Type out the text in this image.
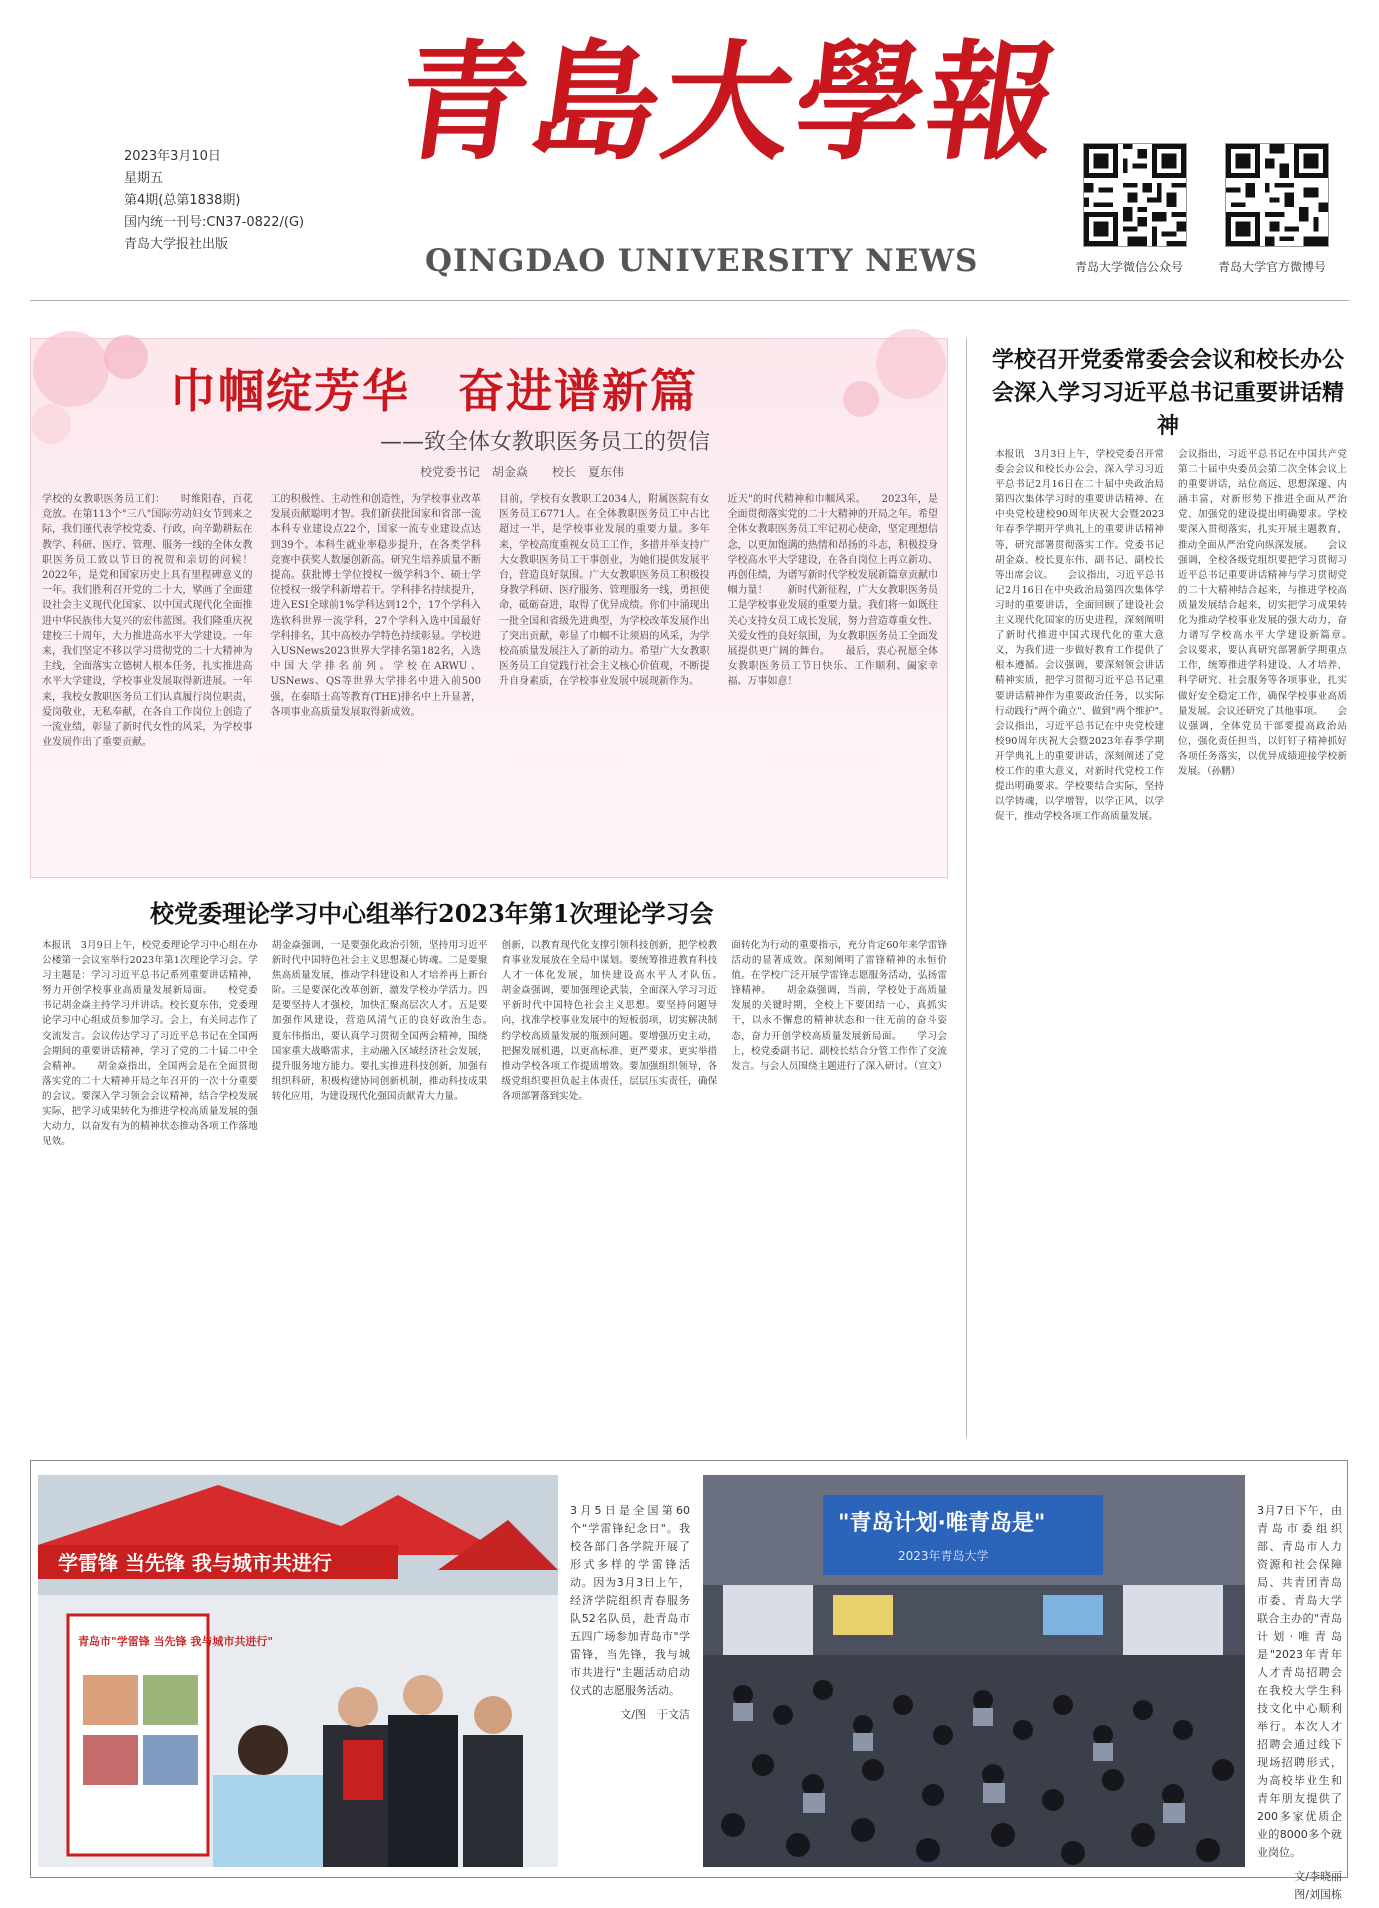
2023年3月10日
星期五
第4期(总第1838期)
国内统一刊号:CN37-0822/(G)
青岛大学报社出版
青島大學報
QINGDAO UNIVERSITY NEWS	青岛大学微信公众号	青岛大学官方微博号
巾帼绽芳华　奋进谱新篇
——致全体女教职医务员工的贺信
校党委书记　胡金焱　　校长　夏东伟
学校的女教职医务员工们：　　时维阳春，百花竞放。在第113个"三八"国际劳动妇女节到来之际，我们谨代表学校党委、行政，向辛勤耕耘在教学、科研、医疗、管理、服务一线的全体女教职医务员工致以节日的祝贺和亲切的问候！　　2022年，是党和国家历史上具有里程碑意义的一年。我们胜利召开党的二十大，擘画了全面建设社会主义现代化国家、以中国式现代化全面推进中华民族伟大复兴的宏伟蓝图。我们隆重庆祝建校三十周年，大力推进高水平大学建设。一年来，我们坚定不移以学习贯彻党的二十大精神为主线，全面落实立德树人根本任务，扎实推进高水平大学建设，学校事业发展取得新进展。一年来，我校女教职医务员工们认真履行岗位职责，爱岗敬业，无私奉献，在各自工作岗位上创造了一流业绩，彰显了新时代女性的风采，为学校事业发展作出了重要贡献。
工的积极性、主动性和创造性，为学校事业改革发展贡献聪明才智。我们新获批国家和省部一流本科专业建设点22个，国家一流专业建设点达到39个。本科生就业率稳步提升，在各类学科竞赛中获奖人数屡创新高。研究生培养质量不断提高。获批博士学位授权一级学科3个、硕士学位授权一级学科新增若干。学科排名持续提升，进入ESI全球前1%学科达到12个，17个学科入选软科世界一流学科，27个学科入选中国最好学科排名，其中高校办学特色持续彰显。学校进入USNews2023世界大学排名第182名，入选中国大学排名前列。学校在ARWU、USNews、QS等世界大学排名中进入前500强，在泰晤士高等教育(THE)排名中上升显著，各项事业高质量发展取得新成效。
目前，学校有女教职工2034人，附属医院有女医务员工6771人。在全体教职医务员工中占比超过一半，是学校事业发展的重要力量。多年来，学校高度重视女员工工作，多措并举支持广大女教职医务员工干事创业，为她们提供发展平台，营造良好氛围。广大女教职医务员工积极投身教学科研、医疗服务、管理服务一线，勇担使命，砥砺奋进，取得了优异成绩。你们中涌现出一批全国和省级先进典型，为学校改革发展作出了突出贡献，彰显了巾帼不让须眉的风采，为学校高质量发展注入了新的动力。希望广大女教职医务员工自觉践行社会主义核心价值观，不断提升自身素质，在学校事业发展中展现新作为。
近天"的时代精神和巾帼风采。　　2023年，是全面贯彻落实党的二十大精神的开局之年。希望全体女教职医务员工牢记初心使命，坚定理想信念，以更加饱满的热情和昂扬的斗志，积极投身学校高水平大学建设，在各自岗位上再立新功、再创佳绩，为谱写新时代学校发展新篇章贡献巾帼力量！　　新时代新征程，广大女教职医务员工是学校事业发展的重要力量。我们将一如既往关心支持女员工成长发展，努力营造尊重女性、关爱女性的良好氛围，为女教职医务员工全面发展提供更广阔的舞台。　　最后，衷心祝愿全体女教职医务员工节日快乐、工作顺利、阖家幸福、万事如意！
学校召开党委常委会会议和校长办公会深入学习习近平总书记重要讲话精神
本报讯　3月3日上午，学校党委召开常委会会议和校长办公会，深入学习习近平总书记2月16日在二十届中央政治局第四次集体学习时的重要讲话精神、在中央党校建校90周年庆祝大会暨2023年春季学期开学典礼上的重要讲话精神等，研究部署贯彻落实工作。党委书记胡金焱、校长夏东伟、副书记、副校长等出席会议。　　会议指出，习近平总书记2月16日在中央政治局第四次集体学习时的重要讲话，全面回顾了建设社会主义现代化国家的历史进程，深刻阐明了新时代推进中国式现代化的重大意义，为我们进一步做好教育工作提供了根本遵循。会议强调，要深刻领会讲话精神实质，把学习贯彻习近平总书记重要讲话精神作为重要政治任务，以实际行动践行"两个确立"、做到"两个维护"。　　会议指出，习近平总书记在中央党校建校90周年庆祝大会暨2023年春季学期开学典礼上的重要讲话，深刻阐述了党校工作的重大意义，对新时代党校工作提出明确要求。学校要结合实际，坚持以学铸魂，以学增智，以学正风，以学促干，推动学校各项工作高质量发展。
会议指出，习近平总书记在中国共产党第二十届中央委员会第二次全体会议上的重要讲话，站位高远、思想深邃、内涵丰富，对新形势下推进全面从严治党、加强党的建设提出明确要求。学校要深入贯彻落实，扎实开展主题教育，推动全面从严治党向纵深发展。　　会议强调，全校各级党组织要把学习贯彻习近平总书记重要讲话精神与学习贯彻党的二十大精神结合起来，与推进学校高质量发展结合起来，切实把学习成果转化为推动学校事业发展的强大动力，奋力谱写学校高水平大学建设新篇章。　　会议要求，要认真研究部署新学期重点工作，统筹推进学科建设、人才培养、科学研究、社会服务等各项事业，扎实做好安全稳定工作，确保学校事业高质量发展。会议还研究了其他事项。　　会议强调，全体党员干部要提高政治站位，强化责任担当，以钉钉子精神抓好各项任务落实，以优异成绩迎接学校新发展。（孙鹏）
校党委理论学习中心组举行2023年第1次理论学习会
本报讯　3月9日上午，校党委理论学习中心组在办公楼第一会议室举行2023年第1次理论学习会。学习主题是：学习习近平总书记系列重要讲话精神，努力开创学校事业高质量发展新局面。　　校党委书记胡金焱主持学习并讲话。校长夏东伟，党委理论学习中心组成员参加学习。会上，有关同志作了交流发言。会议传达学习了习近平总书记在全国两会期间的重要讲话精神，学习了党的二十届二中全会精神。　　胡金焱指出，全国两会是在全面贯彻落实党的二十大精神开局之年召开的一次十分重要的会议。要深入学习领会会议精神，结合学校发展实际，把学习成果转化为推进学校高质量发展的强大动力，以奋发有为的精神状态推动各项工作落地见效。
胡金焱强调，一是要强化政治引领，坚持用习近平新时代中国特色社会主义思想凝心铸魂。二是要聚焦高质量发展，推动学科建设和人才培养再上新台阶。三是要深化改革创新，激发学校办学活力。四是要坚持人才强校，加快汇聚高层次人才。五是要加强作风建设，营造风清气正的良好政治生态。　　夏东伟指出，要认真学习贯彻全国两会精神，围绕国家重大战略需求，主动融入区域经济社会发展，提升服务地方能力。要扎实推进科技创新，加强有组织科研，积极构建协同创新机制，推动科技成果转化应用，为建设现代化强国贡献青大力量。
创新，以教育现代化支撑引领科技创新，把学校教育事业发展放在全局中谋划。要统筹推进教育科技人才一体化发展，加快建设高水平人才队伍。　　胡金焱强调，要加强理论武装，全面深入学习习近平新时代中国特色社会主义思想。要坚持问题导向，找准学校事业发展中的短板弱项，切实解决制约学校高质量发展的瓶颈问题。要增强历史主动，把握发展机遇，以更高标准、更严要求、更实举措推动学校各项工作提质增效。要加强组织领导，各级党组织要担负起主体责任，层层压实责任，确保各项部署落到实处。
面转化为行动的重要指示，充分肯定60年来学雷锋活动的显著成效。深刻阐明了雷锋精神的永恒价值。在学校广泛开展学雷锋志愿服务活动，弘扬雷锋精神。　　胡金焱强调，当前，学校处于高质量发展的关键时期，全校上下要团结一心，真抓实干，以永不懈怠的精神状态和一往无前的奋斗姿态，奋力开创学校高质量发展新局面。　　学习会上，校党委副书记、副校长结合分管工作作了交流发言。与会人员围绕主题进行了深入研讨。（宣文）
学雷锋 当先锋 我与城市共进行
青岛市"学雷锋 当先锋 我与城市共进行"
3月5日是全国第60个"学雷锋纪念日"。我校各部门各学院开展了形式多样的学雷锋活动。因为3月3日上午，经济学院组织青春服务队52名队员，赴青岛市五四广场参加青岛市"学雷锋，当先锋，我与城市共进行"主题活动启动仪式的志愿服务活动。
文/图　于文洁
"青岛计划·唯青岛是"
2023年青岛大学
3月7日下午，由青岛市委组织部、青岛市人力资源和社会保障局、共青团青岛市委、青岛大学联合主办的"青岛计划·唯青岛是"2023年青年人才青岛招聘会在我校大学生科技文化中心顺利举行。本次人才招聘会通过线下现场招聘形式，为高校毕业生和青年朋友提供了200多家优质企业的8000多个就业岗位。
文/李晓丽
图/刘国栋
